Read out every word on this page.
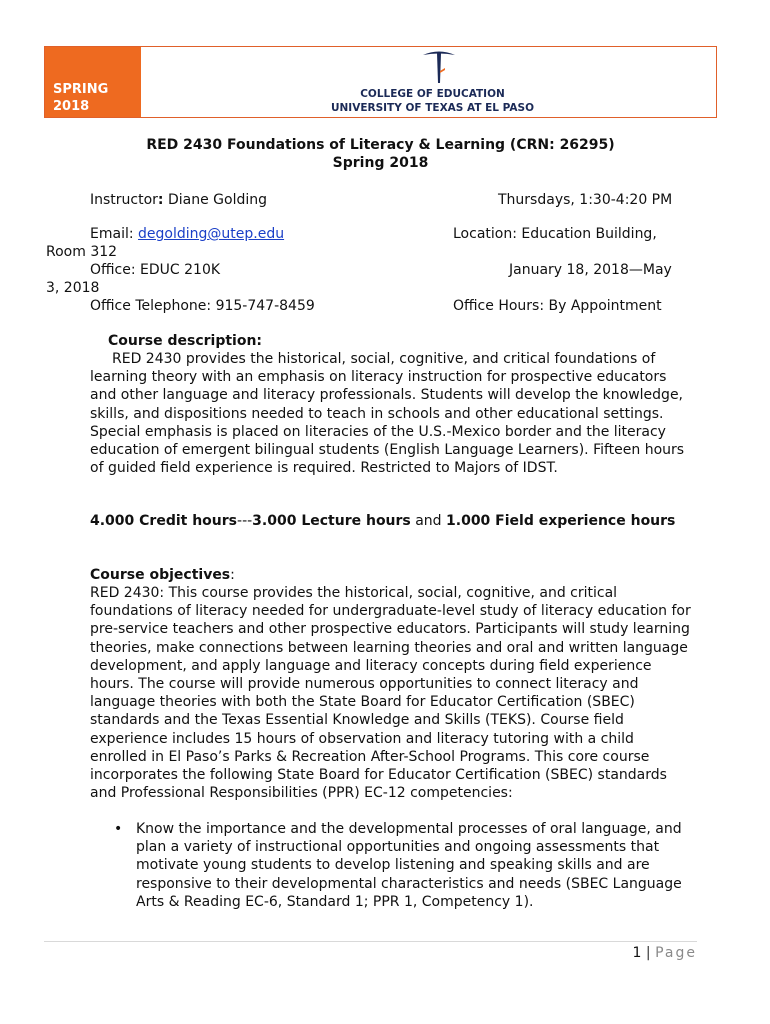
SPRING
2018
COLLEGE OF EDUCATION
UNIVERSITY OF TEXAS AT EL PASO
RED 2430 Foundations of Literacy & Learning (CRN: 26295)
Spring 2018
Instructor: Diane Golding	Thursdays, 1:30-4:20 PM
Email: degolding@utep.edu	Location: Education Building,
Room 312
Office: EDUC 210K	January 18, 2018—May
3, 2018
Office Telephone: 915-747-8459	Office Hours: By Appointment
Course description:
RED 2430 provides the historical, social, cognitive, and critical foundations of learning theory with an emphasis on literacy instruction for prospective educators and other language and literacy professionals. Students will develop the knowledge, skills, and dispositions needed to teach in schools and other educational settings. Special emphasis is placed on literacies of the U.S.-Mexico border and the literacy education of emergent bilingual students (English Language Learners). Fifteen hours of guided field experience is required. Restricted to Majors of IDST.
4.000 Credit hours---3.000 Lecture hours and 1.000 Field experience hours
Course objectives:
RED 2430: This course provides the historical, social, cognitive, and critical foundations of literacy needed for undergraduate-level study of literacy education for pre-service teachers and other prospective educators. Participants will study learning theories, make connections between learning theories and oral and written language development, and apply language and literacy concepts during field experience hours. The course will provide numerous opportunities to connect literacy and language theories with both the State Board for Educator Certification (SBEC) standards and the Texas Essential Knowledge and Skills (TEKS). Course field experience includes 15 hours of observation and literacy tutoring with a child enrolled in El Paso’s Parks & Recreation After-School Programs. This core course incorporates the following State Board for Educator Certification (SBEC) standards and Professional Responsibilities (PPR) EC-12 competencies:
• Know the importance and the developmental processes of oral language, and plan a variety of instructional opportunities and ongoing assessments that motivate young students to develop listening and speaking skills and are responsive to their developmental characteristics and needs (SBEC Language Arts & Reading EC-6, Standard 1; PPR 1, Competency 1).
1 | Page
